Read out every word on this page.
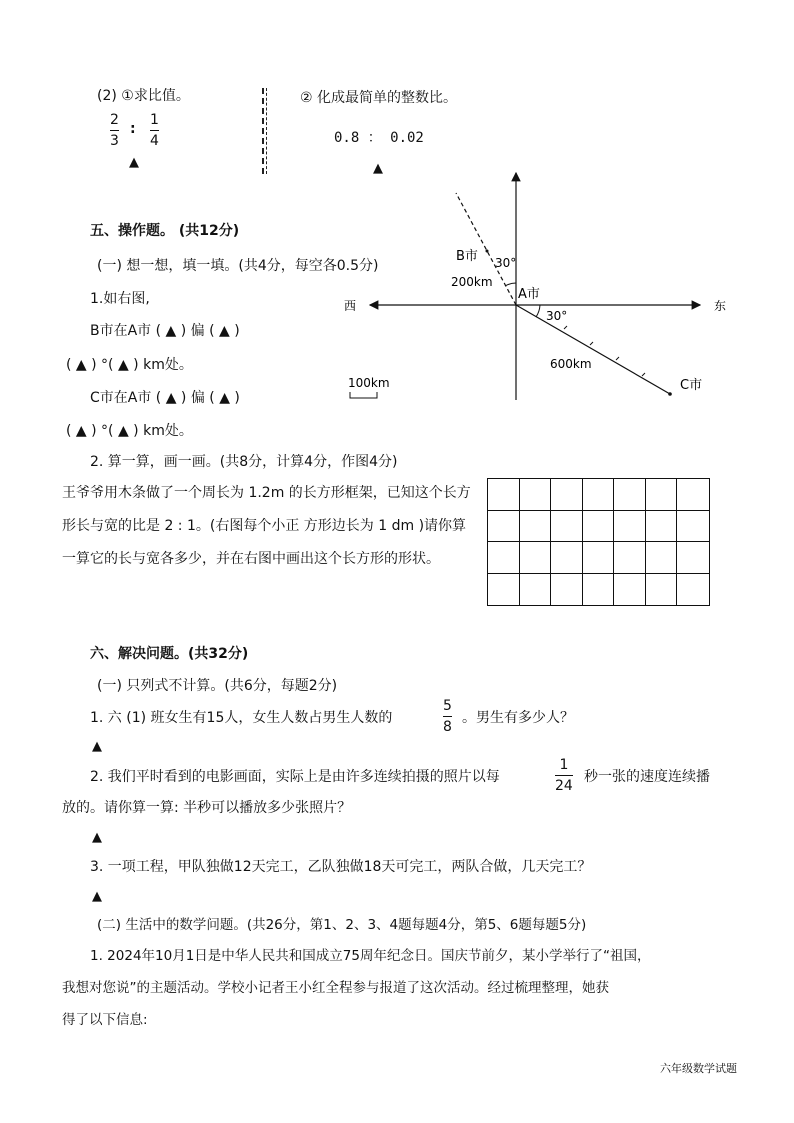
(2) ①求比值。
2
3
:
1
4
▲
② 化成最简单的整数比。
0.8 ： 0.02
▲
五、操作题。 (共12分)
(一) 想一想，填一填。(共4分，每空各0.5分)
1.如右图,
B市在A市 ( ▲ ) 偏 ( ▲ )
( ▲ ) °( ▲ ) km处。
C市在A市 ( ▲ ) 偏 ( ▲ )
( ▲ ) °( ▲ ) km处。
西	东
A市
B市
C市
30°
30°
200km
600km
100km
2. 算一算，画一画。(共8分，计算4分，作图4分)
王爷爷用木条做了一个周长为 1.2m 的长方形框架，已知这个长方形长与宽的比是 2 : 1。(右图每个小正 方形边长为 1 dm )请你算一算它的长与宽各多少，并在右图中画出这个长方形的形状。
六、解决问题。(共32分)
(一) 只列式不计算。(共6分，每题2分)
1. 六 (1) 班女生有15人，女生人数占男生人数的
5
8
。男生有多少人？
▲
2. 我们平时看到的电影画面，实际上是由许多连续拍摄的照片以每
1
24
秒一张的速度连续播
放的。请你算一算: 半秒可以播放多少张照片？
▲
3. 一项工程，甲队独做12天完工，乙队独做18天可完工，两队合做，几天完工？
▲
(二) 生活中的数学问题。(共26分，第1、2、3、4题每题4分，第5、6题每题5分)
1. 2024年10月1日是中华人民共和国成立75周年纪念日。国庆节前夕，某小学举行了“祖国，
我想对您说”的主题活动。学校小记者王小红全程参与报道了这次活动。经过梳理整理，她获
得了以下信息:
六年级数学试题
